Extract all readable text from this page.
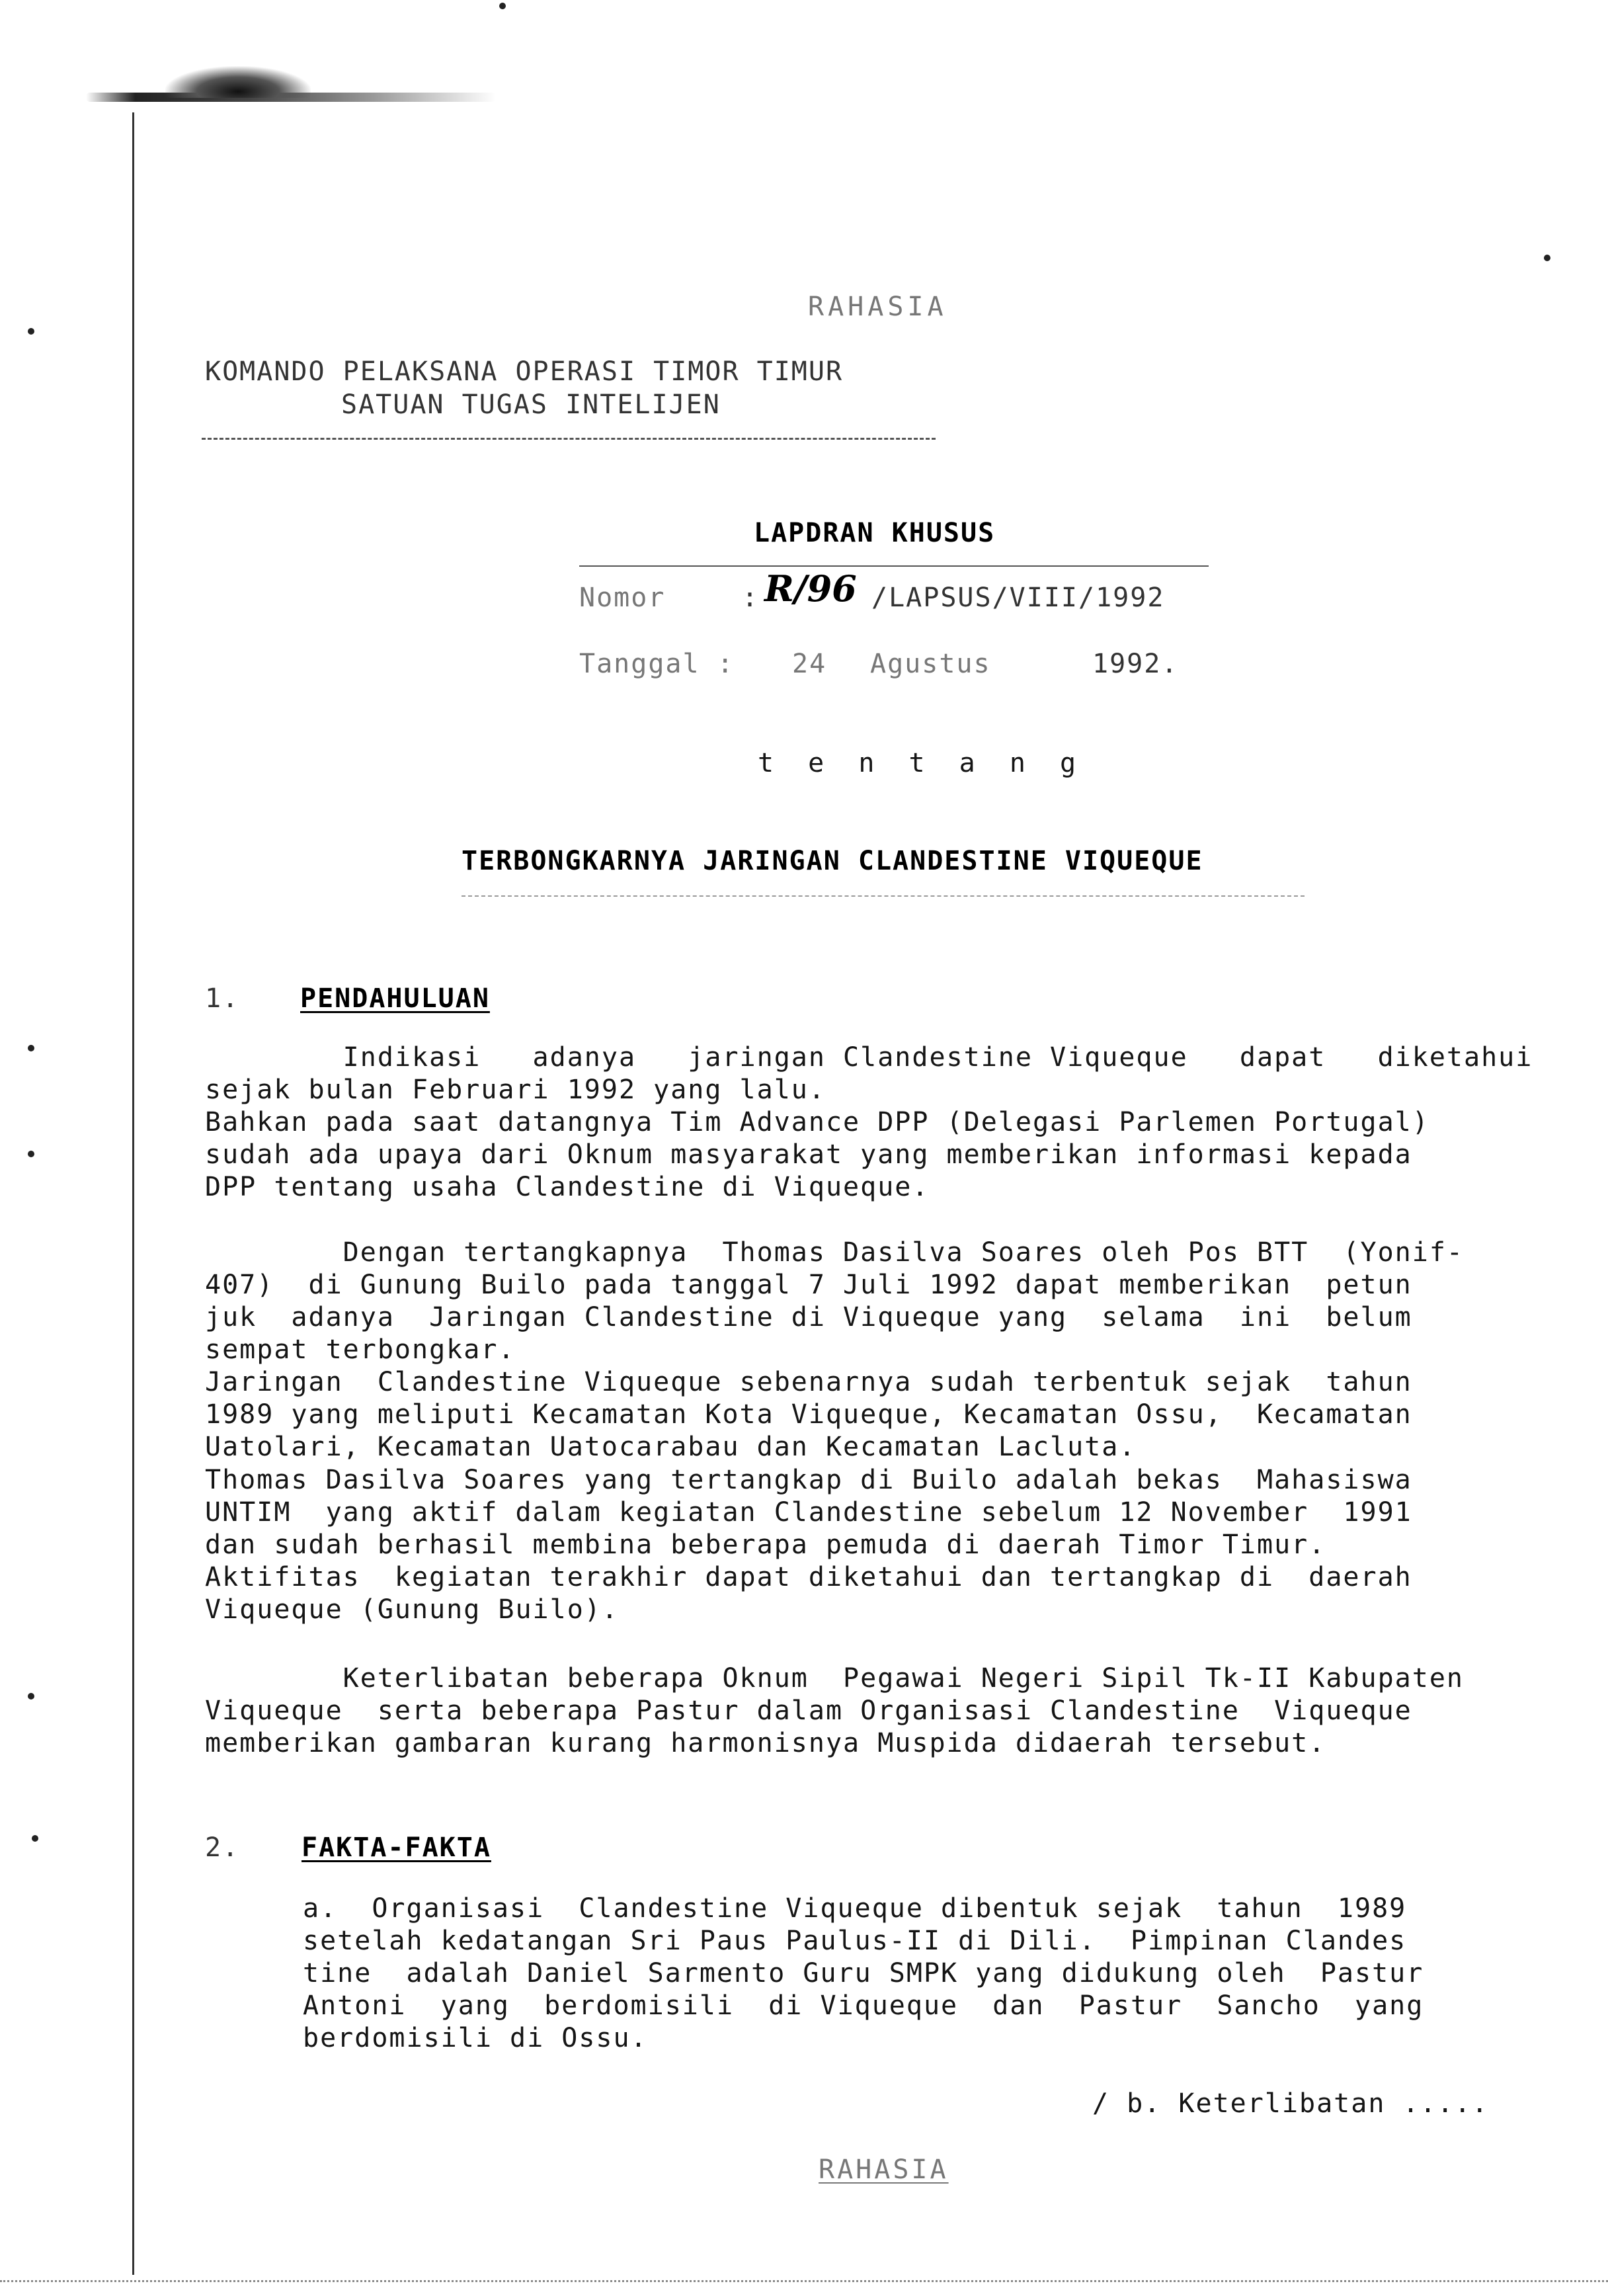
RAHASIA
KOMANDO PELAKSANA OPERASI TIMOR TIMUR
SATUAN TUGAS INTELIJEN
LAPDRAN KHUSUS
Nomor	: R/96 /LAPSUS/VIII/1992
Tanggal : 24 Agustus	1992.
t e n t a n g
TERBONGKARNYA JARINGAN CLANDESTINE VIQUEQUE
1. PENDAHULUAN
Indikasi   adanya   jaringan Clandestine Viqueque   dapat   diketahui
sejak bulan Februari 1992 yang lalu.
Bahkan pada saat datangnya Tim Advance DPP (Delegasi Parlemen Portugal)
sudah ada upaya dari Oknum masyarakat yang memberikan informasi kepada
DPP tentang usaha Clandestine di Viqueque.
Dengan tertangkapnya  Thomas Dasilva Soares oleh Pos BTT  (Yonif-
407)  di Gunung Builo pada tanggal 7 Juli 1992 dapat memberikan  petun
juk  adanya  Jaringan Clandestine di Viqueque yang  selama  ini  belum
sempat terbongkar.
Jaringan  Clandestine Viqueque sebenarnya sudah terbentuk sejak  tahun
1989 yang meliputi Kecamatan Kota Viqueque, Kecamatan Ossu,  Kecamatan
Uatolari, Kecamatan Uatocarabau dan Kecamatan Lacluta.
Thomas Dasilva Soares yang tertangkap di Builo adalah bekas  Mahasiswa
UNTIM  yang aktif dalam kegiatan Clandestine sebelum 12 November  1991
dan sudah berhasil membina beberapa pemuda di daerah Timor Timur.
Aktifitas  kegiatan terakhir dapat diketahui dan tertangkap di  daerah
Viqueque (Gunung Builo).
Keterlibatan beberapa Oknum  Pegawai Negeri Sipil Tk-II Kabupaten
Viqueque  serta beberapa Pastur dalam Organisasi Clandestine  Viqueque
memberikan gambaran kurang harmonisnya Muspida didaerah tersebut.
2. FAKTA-FAKTA
a.  Organisasi  Clandestine Viqueque dibentuk sejak  tahun  1989
setelah kedatangan Sri Paus Paulus-II di Dili.  Pimpinan Clandes
tine  adalah Daniel Sarmento Guru SMPK yang didukung oleh  Pastur
Antoni  yang  berdomisili  di Viqueque  dan  Pastur  Sancho  yang
berdomisili di Ossu.
/ b. Keterlibatan .....
RAHASIA
